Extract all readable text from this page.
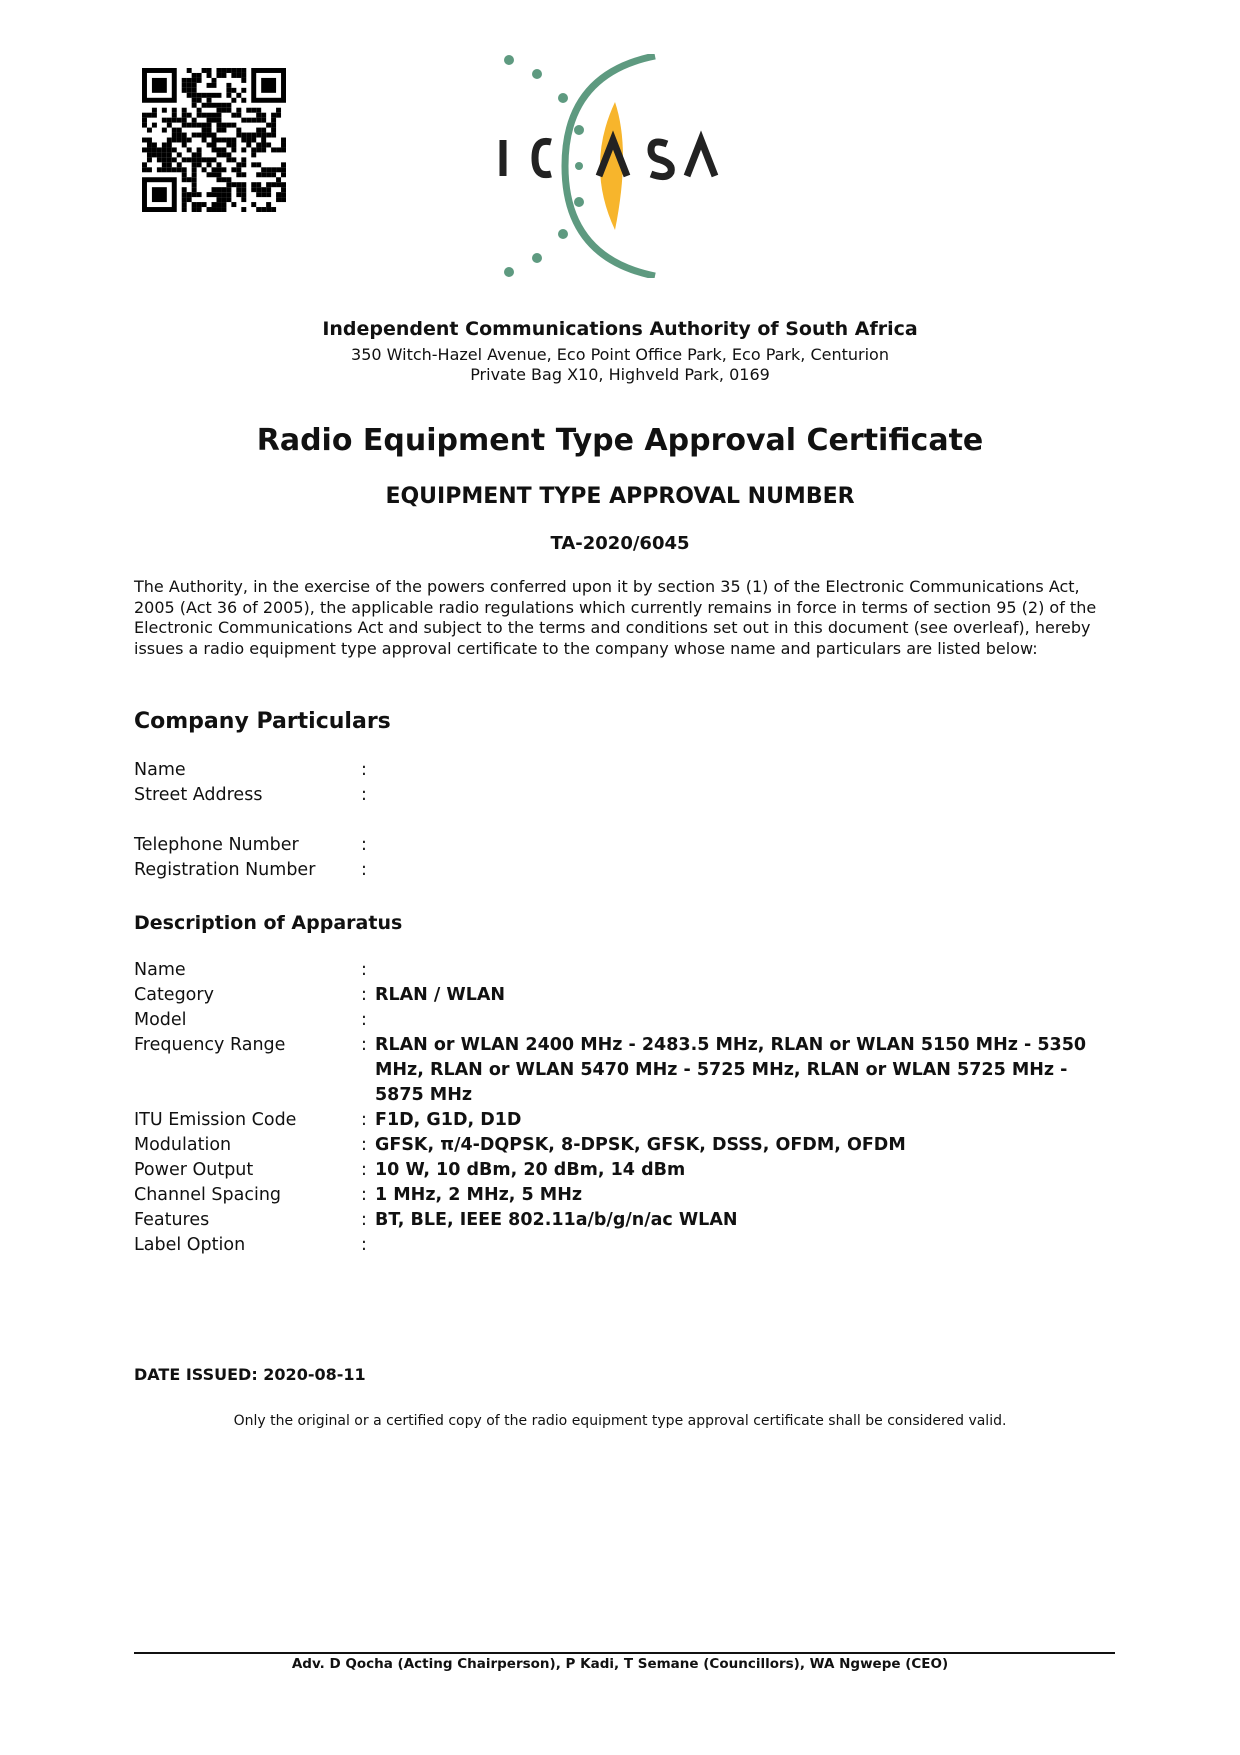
Independent Communications Authority of South Africa
350 Witch-Hazel Avenue, Eco Point Office Park, Eco Park, Centurion
Private Bag X10, Highveld Park, 0169
Radio Equipment Type Approval Certificate
EQUIPMENT TYPE APPROVAL NUMBER
TA-2020/6045
The Authority, in the exercise of the powers conferred upon it by section 35 (1) of the Electronic Communications Act, 2005 (Act 36 of 2005), the applicable radio regulations which currently remains in force in terms of section 95 (2) of the Electronic Communications Act and subject to the terms and conditions set out in this document (see overleaf), hereby issues a radio equipment type approval certificate to the company whose name and particulars are listed below:
Company Particulars
Name	:
Street Address	:
Telephone Number	:
Registration Number	:
Description of Apparatus
Name	:
Category	: RLAN / WLAN
Model	:
Frequency Range	: RLAN or WLAN 2400 MHz - 2483.5 MHz, RLAN or WLAN 5150 MHz - 5350 MHz, RLAN or WLAN 5470 MHz - 5725 MHz, RLAN or WLAN 5725 MHz - 5875 MHz
ITU Emission Code	: F1D, G1D, D1D
Modulation	: GFSK, π/4-DQPSK, 8-DPSK, GFSK, DSSS, OFDM, OFDM
Power Output	: 10 W, 10 dBm, 20 dBm, 14 dBm
Channel Spacing	: 1 MHz, 2 MHz, 5 MHz
Features	: BT, BLE, IEEE 802.11a/b/g/n/ac WLAN
Label Option	:
DATE ISSUED: 2020-08-11
Only the original or a certified copy of the radio equipment type approval certificate shall be considered valid.
Adv. D Qocha (Acting Chairperson), P Kadi, T Semane (Councillors), WA Ngwepe (CEO)
